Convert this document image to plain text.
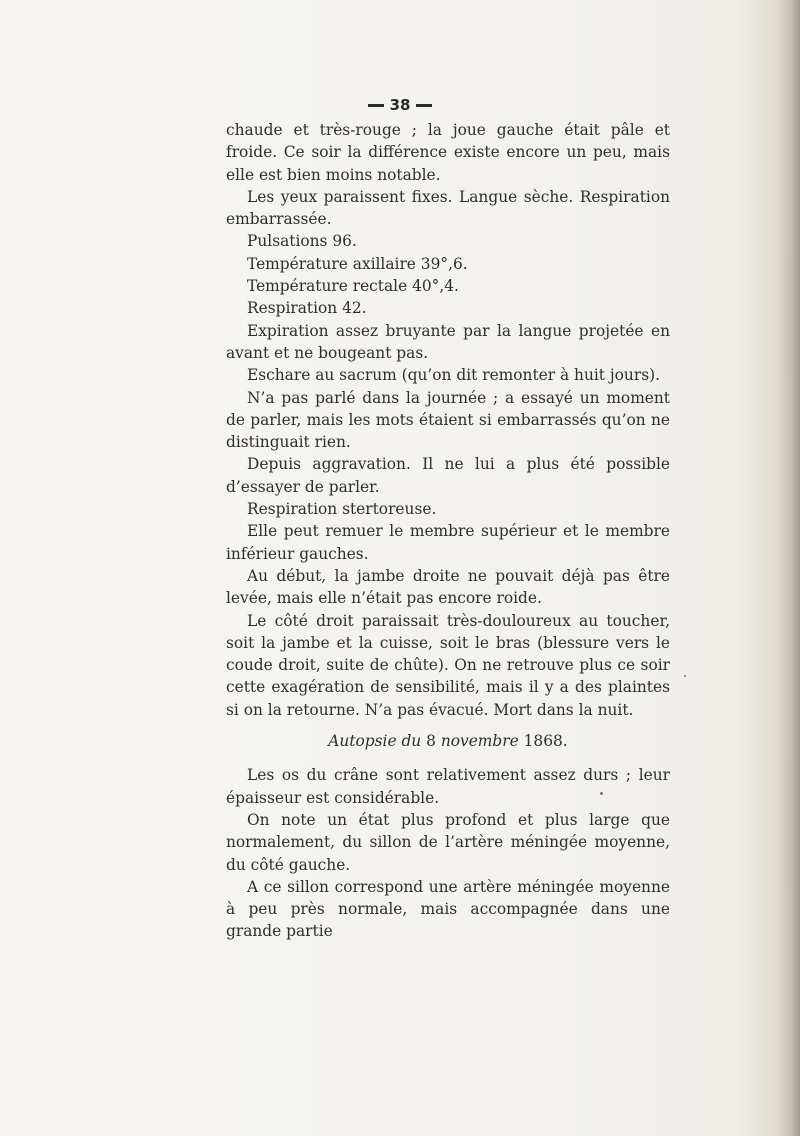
38

chaude et très-rouge ; la joue gauche était pâle et froide. Ce soir la différence existe encore un peu, mais elle est bien moins notable.

Les yeux paraissent fixes. Langue sèche. Respiration embarrassée.

Pulsations 96.

Température axillaire 39°,6.

Température rectale 40°,4.

Respiration 42.

Expiration assez bruyante par la langue projetée en avant et ne bougeant pas.

Eschare au sacrum (qu’on dit remonter à huit jours).

N’a pas parlé dans la journée ; a essayé un moment de parler, mais les mots étaient si embarrassés qu’on ne distinguait rien.

Depuis aggravation. Il ne lui a plus été possible d’essayer de parler.

Respiration stertoreuse.

Elle peut remuer le membre supérieur et le membre inférieur gauches.

Au début, la jambe droite ne pouvait déjà pas être levée, mais elle n’était pas encore roide.

Le côté droit paraissait très-douloureux au toucher, soit la jambe et la cuisse, soit le bras (blessure vers le coude droit, suite de chûte). On ne retrouve plus ce soir cette exagération de sensibilité, mais il y a des plaintes si on la retourne. N’a pas évacué. Mort dans la nuit.

Autopsie du 8 novembre 1868.

Les os du crâne sont relativement assez durs ; leur épaisseur est considérable.

On note un état plus profond et plus large que normalement, du sillon de l’artère méningée moyenne, du côté gauche.

A ce sillon correspond une artère méningée moyenne à peu près normale, mais accompagnée dans une grande partie
